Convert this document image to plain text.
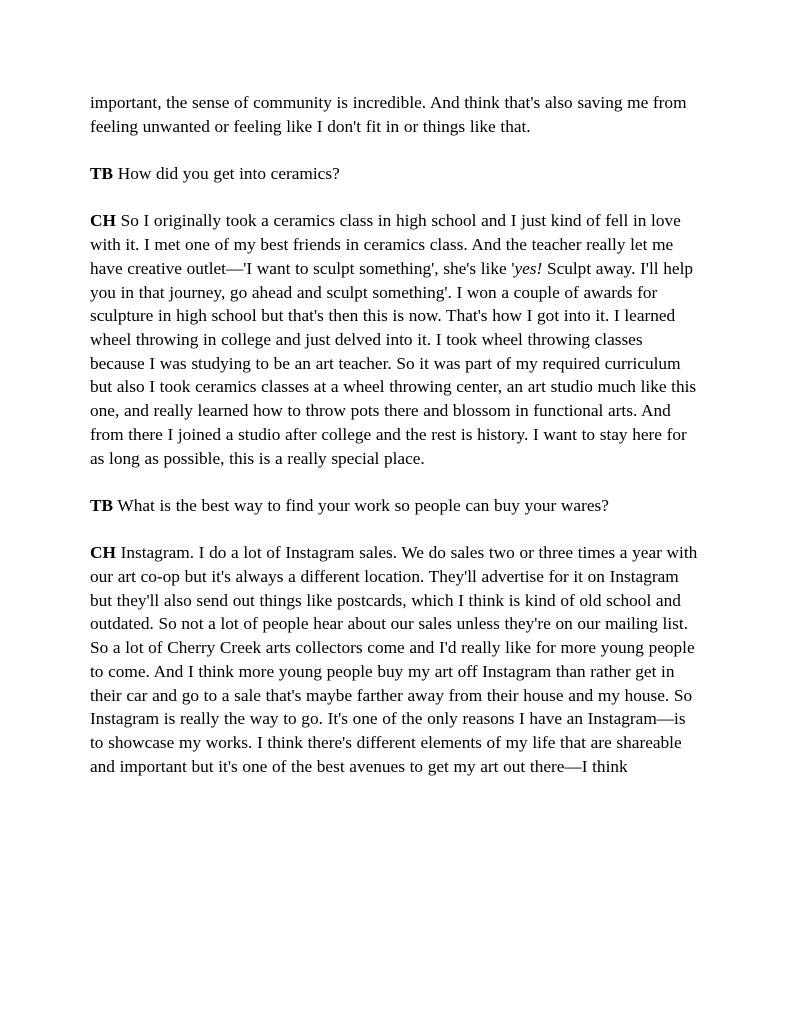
important, the sense of community is incredible. And think that's also saving me from feeling unwanted or feeling like I don't fit in or things like that.

TB How did you get into ceramics?

CH So I originally took a ceramics class in high school and I just kind of fell in love with it. I met one of my best friends in ceramics class. And the teacher really let me have creative outlet—'I want to sculpt something', she's like 'yes! Sculpt away. I'll help you in that journey, go ahead and sculpt something'. I won a couple of awards for sculpture in high school but that's then this is now. That's how I got into it. I learned wheel throwing in college and just delved into it. I took wheel throwing classes because I was studying to be an art teacher. So it was part of my required curriculum but also I took ceramics classes at a wheel throwing center, an art studio much like this one, and really learned how to throw pots there and blossom in functional arts. And from there I joined a studio after college and the rest is history. I want to stay here for as long as possible, this is a really special place.

TB What is the best way to find your work so people can buy your wares?

CH Instagram. I do a lot of Instagram sales. We do sales two or three times a year with our art co-op but it's always a different location. They'll advertise for it on Instagram but they'll also send out things like postcards, which I think is kind of old school and outdated. So not a lot of people hear about our sales unless they're on our mailing list. So a lot of Cherry Creek arts collectors come and I'd really like for more young people to come. And I think more young people buy my art off Instagram than rather get in their car and go to a sale that's maybe farther away from their house and my house. So Instagram is really the way to go. It's one of the only reasons I have an Instagram—is to showcase my works. I think there's different elements of my life that are shareable and important but it's one of the best avenues to get my art out there—I think
